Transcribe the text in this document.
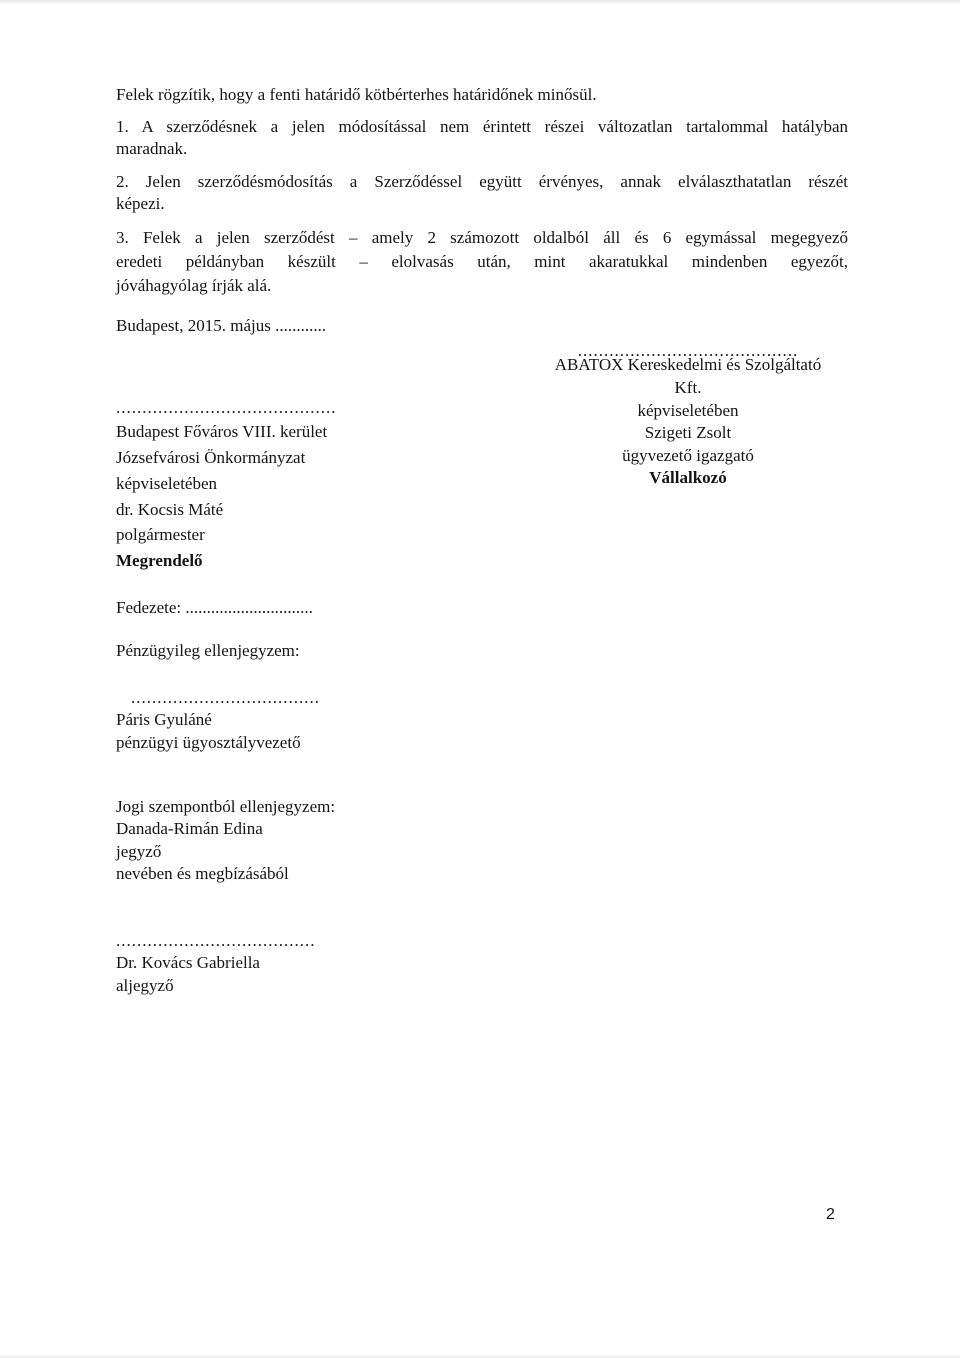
Felek rögzítik, hogy a fenti határidő kötbérterhes határidőnek minősül.
1. A szerződésnek a jelen módosítással nem érintett részei változatlan tartalommal hatályban
maradnak.
2. Jelen szerződésmódosítás a Szerződéssel együtt érvényes, annak elválaszthatatlan részét
képezi.
3. Felek a jelen szerződést – amely 2 számozott oldalból áll és 6 egymással megegyező
eredeti példányban készült – elolvasás után, mint akaratukkal mindenben egyezőt,
jóváhagyólag írják alá.
Budapest, 2015. május ............
..........................................
ABATOX Kereskedelmi és Szolgáltató
Kft.
képviseletében
Szigeti Zsolt
ügyvezető igazgató
Vállalkozó
..........................................
Budapest Főváros VIII. kerület
Józsefvárosi Önkormányzat
képviseletében
dr. Kocsis Máté
polgármester
Megrendelő
Fedezete: ..............................
Pénzügyileg ellenjegyzem:
....................................
Páris Gyuláné
pénzügyi ügyosztályvezető
Jogi szempontból ellenjegyzem:
Danada-Rimán Edina
jegyző
nevében és megbízásából
......................................
Dr. Kovács Gabriella
aljegyző
2
